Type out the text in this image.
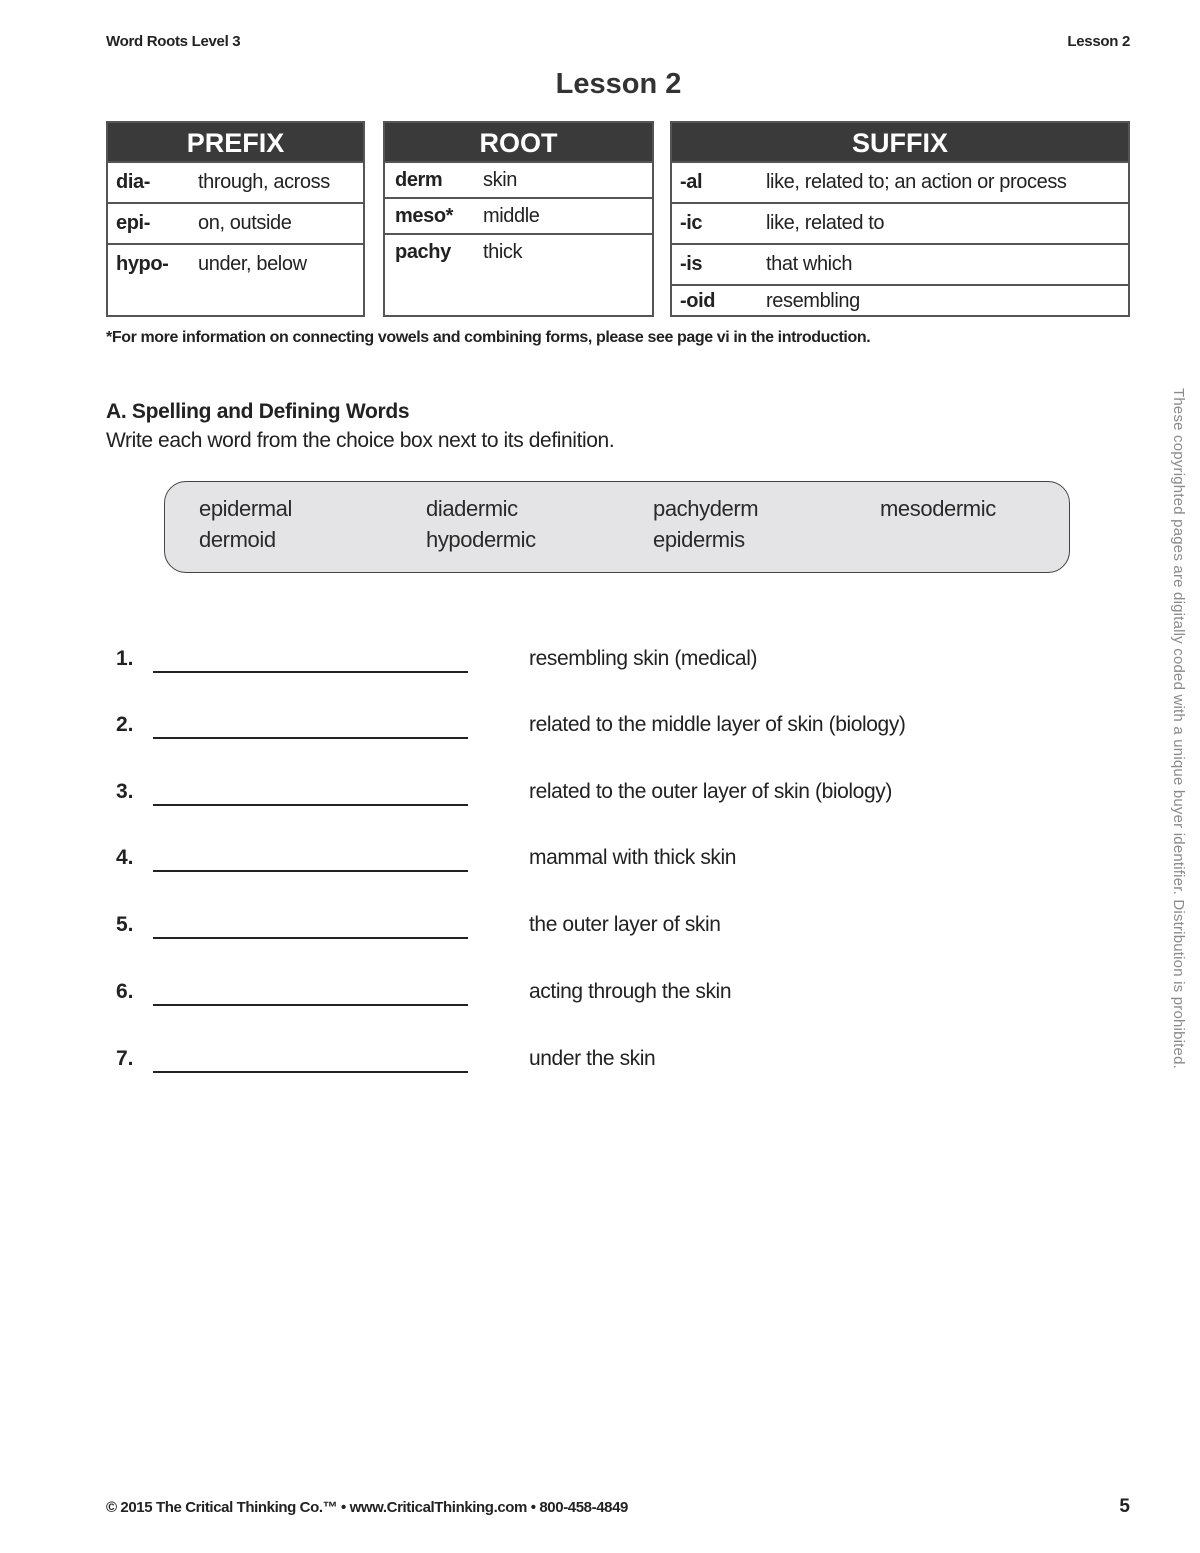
Word Roots Level 3	Lesson 2
Lesson 2
PREFIX
dia-	through, across
epi-	on, outside
hypo-	under, below
ROOT
derm	skin
meso*	middle
pachy	thick
SUFFIX
-al	like, related to; an action or process
-ic	like, related to
-is	that which
-oid	resembling
*For more information on connecting vowels and combining forms, please see page vi in the introduction.
A. Spelling and Defining Words
Write each word from the choice box next to its definition.
epidermal	diadermic	pachyderm	mesodermic
dermoid	hypodermic	epidermis
1.	resembling skin (medical)
2.	related to the middle layer of skin (biology)
3.	related to the outer layer of skin (biology)
4.	mammal with thick skin
5.	the outer layer of skin
6.	acting through the skin
7.	under the skin	These copyrighted pages are digitally coded with a unique buyer identifier. Distribution is prohibited.
© 2015 The Critical Thinking Co.™ • www.CriticalThinking.com • 800-458-4849	5
